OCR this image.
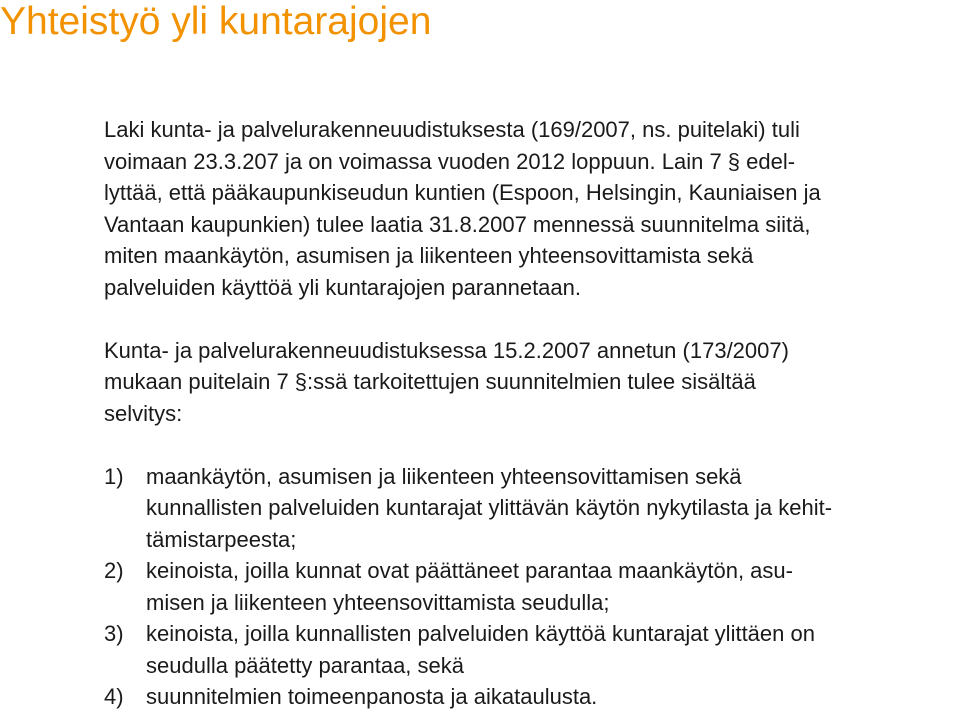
Yhteistyö yli kuntarajojen

Laki kunta- ja palvelurakenneuudistuksesta (169/2007, ns. puitelaki) tuli
voimaan 23.3.207 ja on voimassa vuoden 2012 loppuun. Lain 7 § edel-
lyttää, että pääkaupunkiseudun kuntien (Espoon, Helsingin, Kauniaisen ja
Vantaan kaupunkien) tulee laatia 31.8.2007 mennessä suunnitelma siitä,
miten maankäytön, asumisen ja liikenteen yhteensovittamista sekä
palveluiden käyttöä yli kuntarajojen parannetaan.

Kunta- ja palvelurakenneuudistuksessa 15.2.2007 annetun (173/2007)
mukaan puitelain 7 §:ssä tarkoitettujen suunnitelmien tulee sisältää
selvitys:

1) maankäytön, asumisen ja liikenteen yhteensovittamisen sekä
kunnallisten palveluiden kuntarajat ylittävän käytön nykytilasta ja kehit-
tämistarpeesta;
2) keinoista, joilla kunnat ovat päättäneet parantaa maankäytön, asu-
misen ja liikenteen yhteensovittamista seudulla;
3) keinoista, joilla kunnallisten palveluiden käyttöä kuntarajat ylittäen on
seudulla päätetty parantaa, sekä
4) suunnitelmien toimeenpanosta ja aikataulusta.
